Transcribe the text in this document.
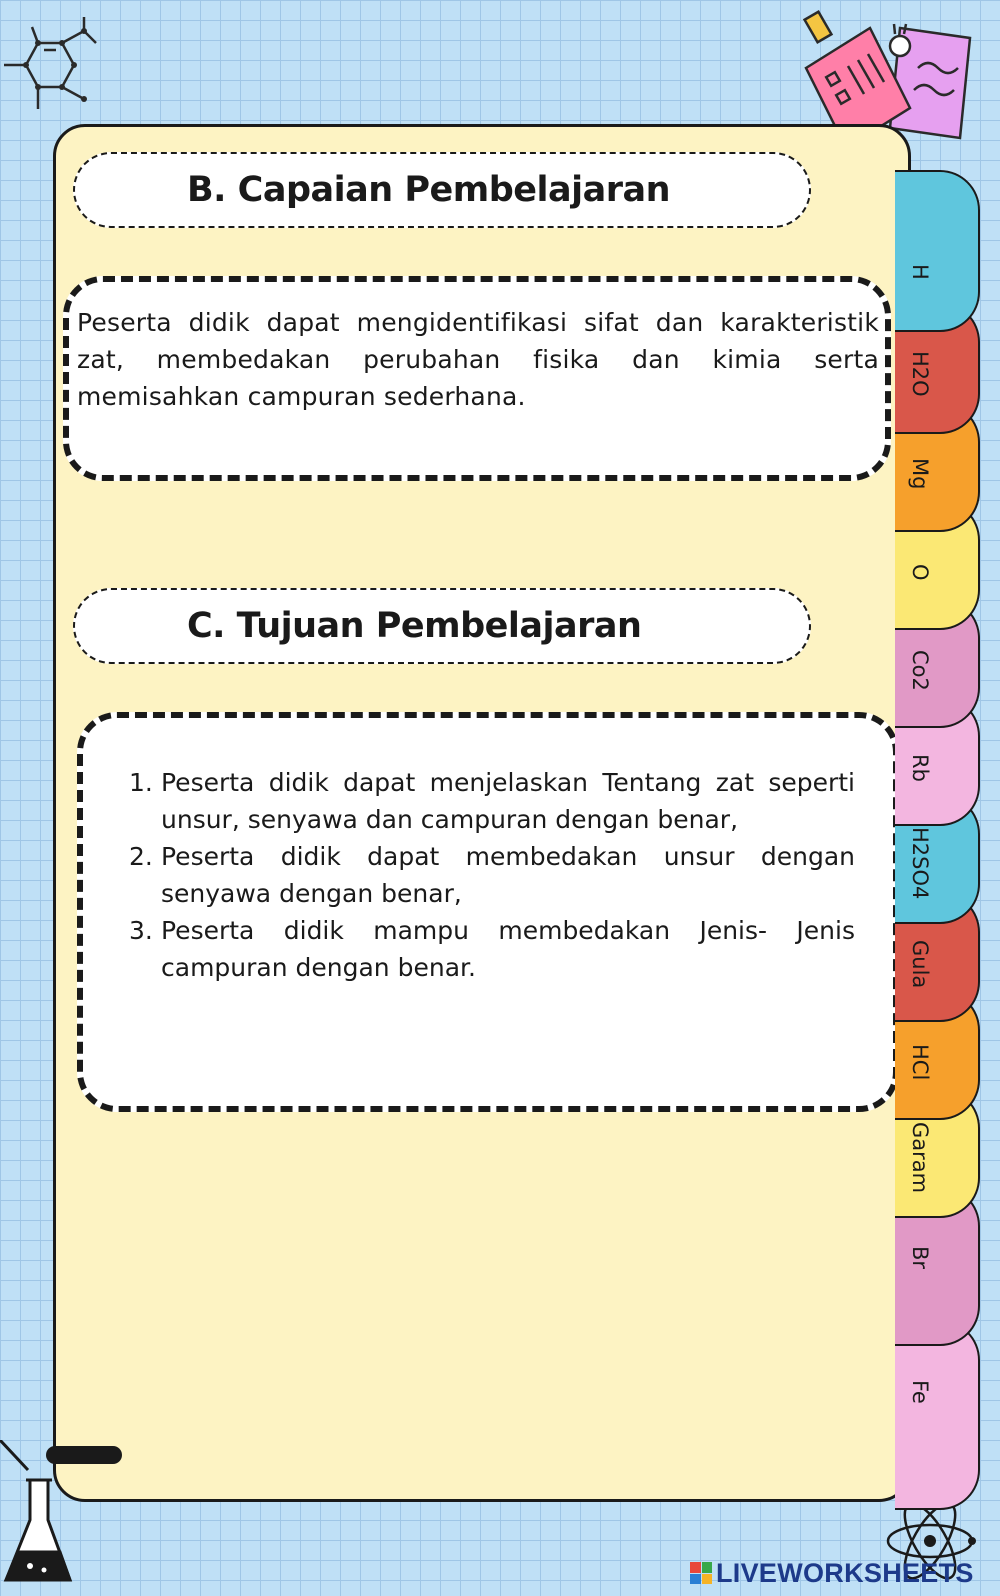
H
H2O
Mg
O
Co2
Rb
H2SO4
Gula
HCl
Garam
Br
Fe
B. Capaian Pembelajaran
Peserta didik dapat mengidentifikasi sifat dan karakteristik zat, membedakan perubahan fisika dan kimia serta memisahkan campuran sederhana.
C. Tujuan Pembelajaran
1. Peserta didik dapat menjelaskan Tentang zat seperti unsur, senyawa dan campuran dengan benar,
2. Peserta didik dapat membedakan unsur dengan senyawa dengan benar,
3. Peserta didik mampu membedakan Jenis- Jenis campuran dengan benar.
LIVEWORKSHEETS
